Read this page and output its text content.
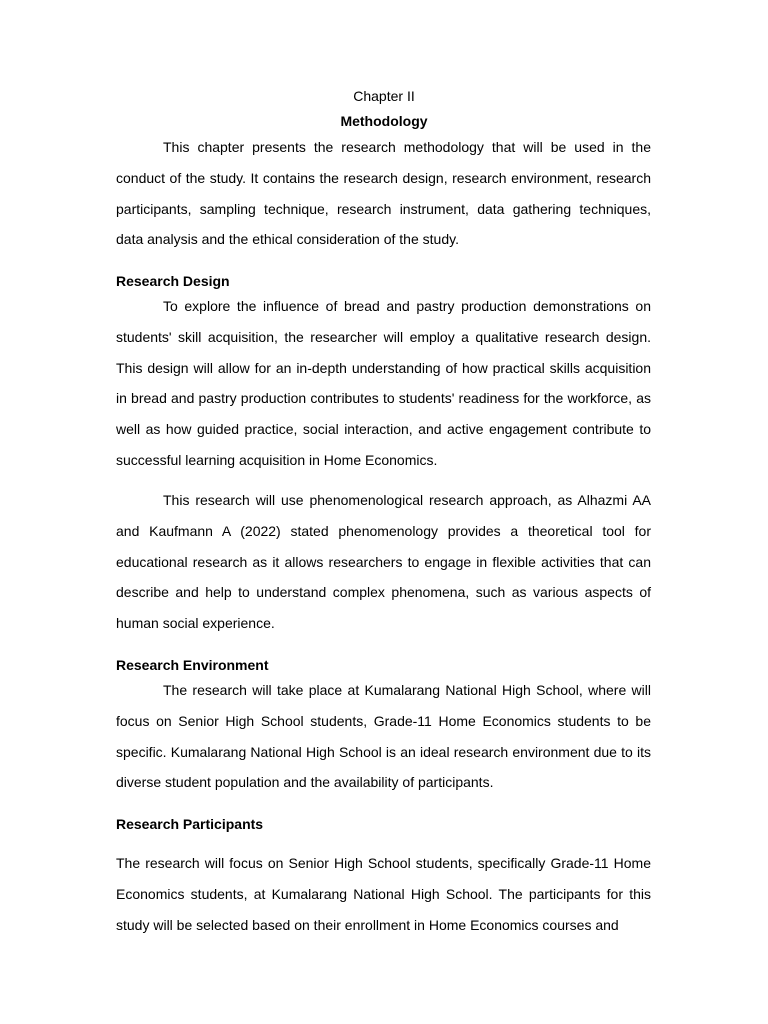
Chapter II
Methodology

This chapter presents the research methodology that will be used in the conduct of the study. It contains the research design, research environment, research participants, sampling technique, research instrument, data gathering techniques, data analysis and the ethical consideration of the study.

Research Design

To explore the influence of bread and pastry production demonstrations on students' skill acquisition, the researcher will employ a qualitative research design. This design will allow for an in-depth understanding of how practical skills acquisition in bread and pastry production contributes to students' readiness for the workforce, as well as how guided practice, social interaction, and active engagement contribute to successful learning acquisition in Home Economics.

This research will use phenomenological research approach, as Alhazmi AA and Kaufmann A (2022) stated phenomenology provides a theoretical tool for educational research as it allows researchers to engage in flexible activities that can describe and help to understand complex phenomena, such as various aspects of human social experience.

Research Environment

The research will take place at Kumalarang National High School, where will focus on Senior High School students, Grade-11 Home Economics students to be specific. Kumalarang National High School is an ideal research environment due to its diverse student population and the availability of participants.

Research Participants

The research will focus on Senior High School students, specifically Grade-11 Home Economics students, at Kumalarang National High School. The participants for this study will be selected based on their enrollment in Home Economics courses and
